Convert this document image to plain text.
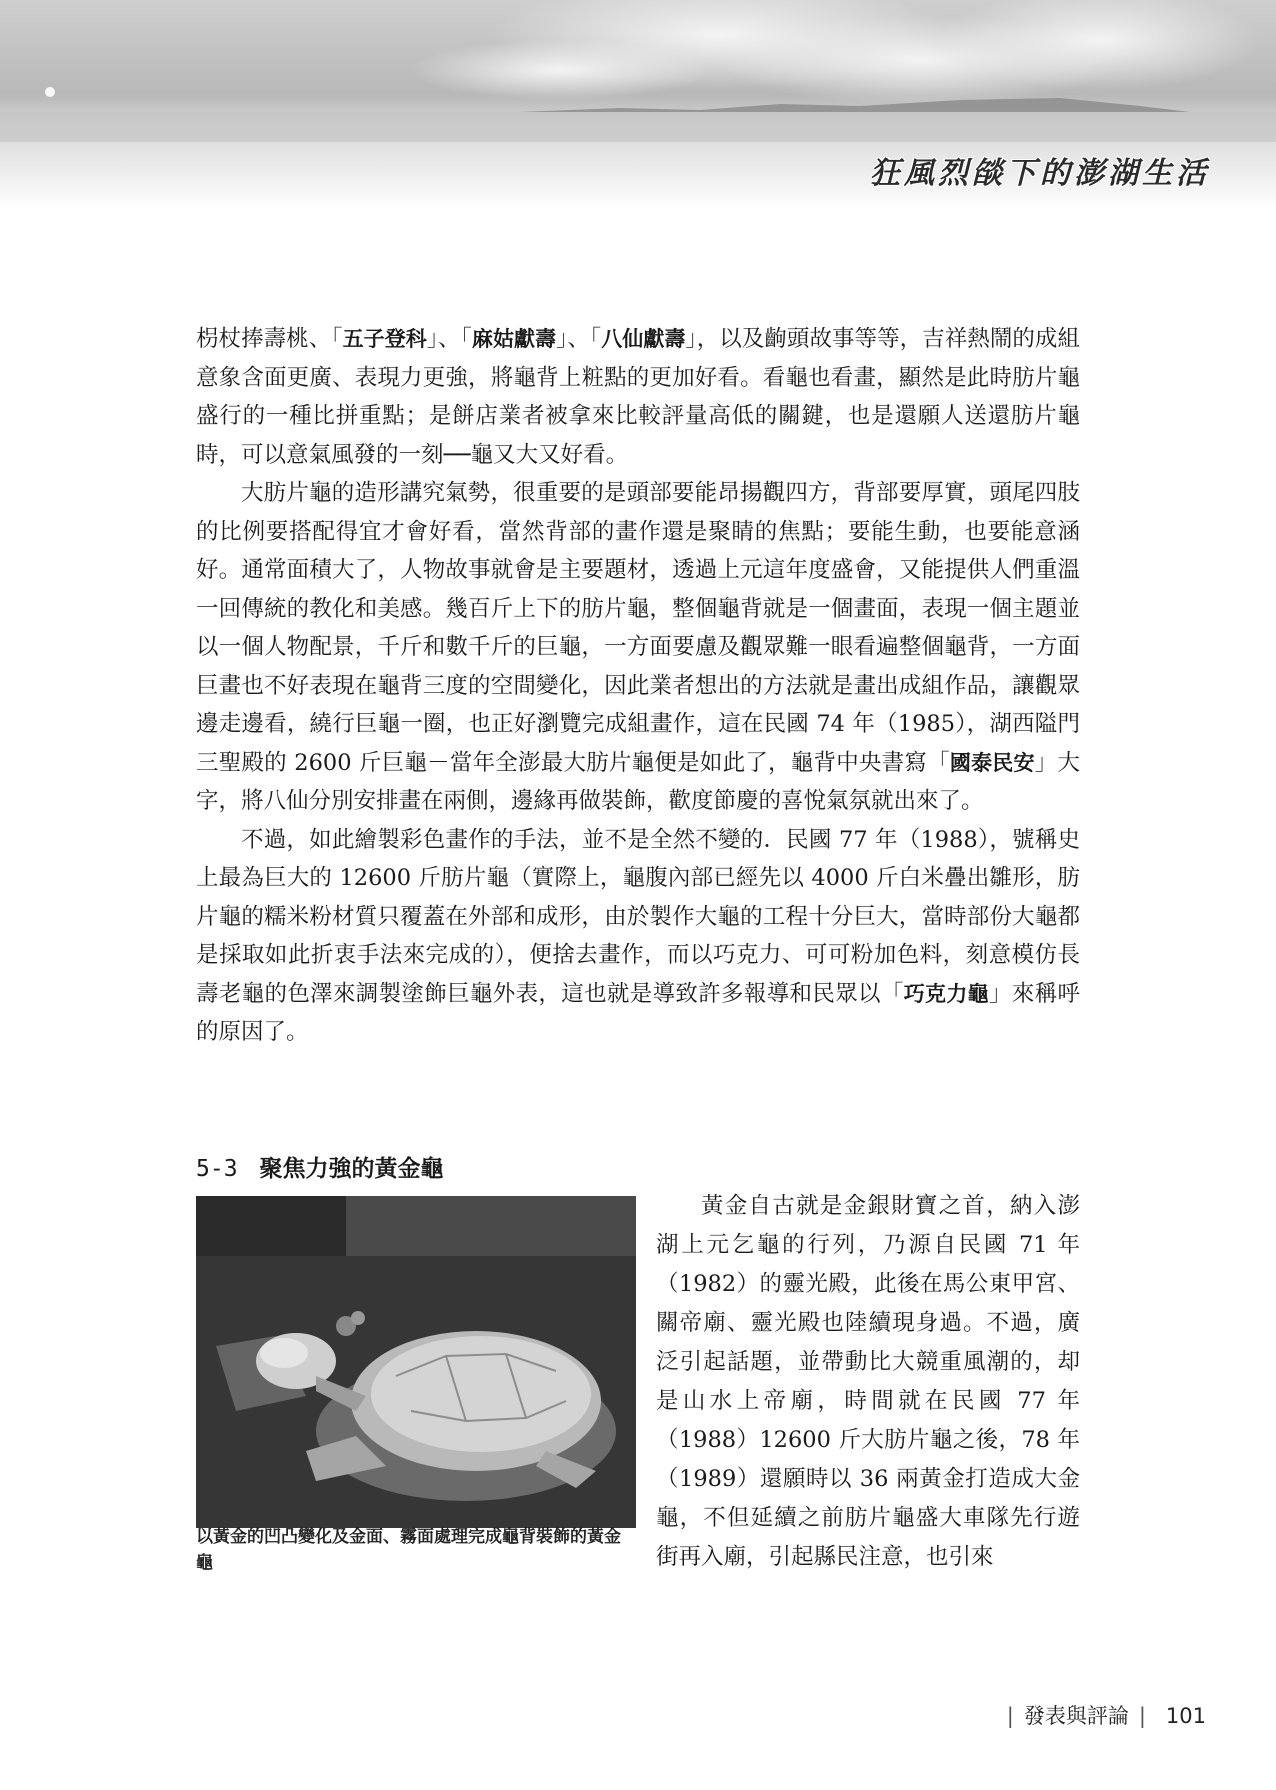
狂風烈燄下的澎湖生活

枴杖捧壽桃、「五子登科」、「麻姑獻壽」、「八仙獻壽」，以及齣頭故事等等，吉祥熱鬧的成組意象含面更廣、表現力更強，將龜背上粧點的更加好看。看龜也看畫，顯然是此時肪片龜盛行的一種比拼重點；是餅店業者被拿來比較評量高低的關鍵，也是還願人送還肪片龜時，可以意氣風發的一刻──龜又大又好看。

大肪片龜的造形講究氣勢，很重要的是頭部要能昂揚觀四方，背部要厚實，頭尾四肢的比例要搭配得宜才會好看，當然背部的畫作還是聚睛的焦點；要能生動，也要能意涵好。通常面積大了，人物故事就會是主要題材，透過上元這年度盛會，又能提供人們重溫一回傳統的教化和美感。幾百斤上下的肪片龜，整個龜背就是一個畫面，表現一個主題並以一個人物配景，千斤和數千斤的巨龜，一方面要慮及觀眾難一眼看遍整個龜背，一方面巨畫也不好表現在龜背三度的空間變化，因此業者想出的方法就是畫出成組作品，讓觀眾邊走邊看，繞行巨龜一圈，也正好瀏覽完成組畫作，這在民國 74 年（1985），湖西隘門三聖殿的 2600 斤巨龜－當年全澎最大肪片龜便是如此了，龜背中央書寫「國泰民安」大字，將八仙分別安排畫在兩側，邊緣再做裝飾，歡度節慶的喜悅氣氛就出來了。

不過，如此繪製彩色畫作的手法，並不是全然不變的．民國 77 年（1988），號稱史上最為巨大的 12600 斤肪片龜（實際上，龜腹內部已經先以 4000 斤白米疊出雛形，肪片龜的糯米粉材質只覆蓋在外部和成形，由於製作大龜的工程十分巨大，當時部份大龜都是採取如此折衷手法來完成的），便捨去畫作，而以巧克力、可可粉加色料，刻意模仿長壽老龜的色澤來調製塗飾巨龜外表，這也就是導致許多報導和民眾以「巧克力龜」來稱呼的原因了。

5-3 聚焦力強的黃金龜
以黃金的凹凸變化及金面、霧面處理完成龜背裝飾的黃金龜

黃金自古就是金銀財寶之首，納入澎湖上元乞龜的行列，乃源自民國 71 年（1982）的靈光殿，此後在馬公東甲宮、關帝廟、靈光殿也陸續現身過。不過，廣泛引起話題，並帶動比大競重風潮的，却是山水上帝廟，時間就在民國 77 年（1988）12600 斤大肪片龜之後，78 年（1989）還願時以 36 兩黃金打造成大金龜，不但延續之前肪片龜盛大車隊先行遊街再入廟，引起縣民注意，也引來

| 發表與評論 | 101
